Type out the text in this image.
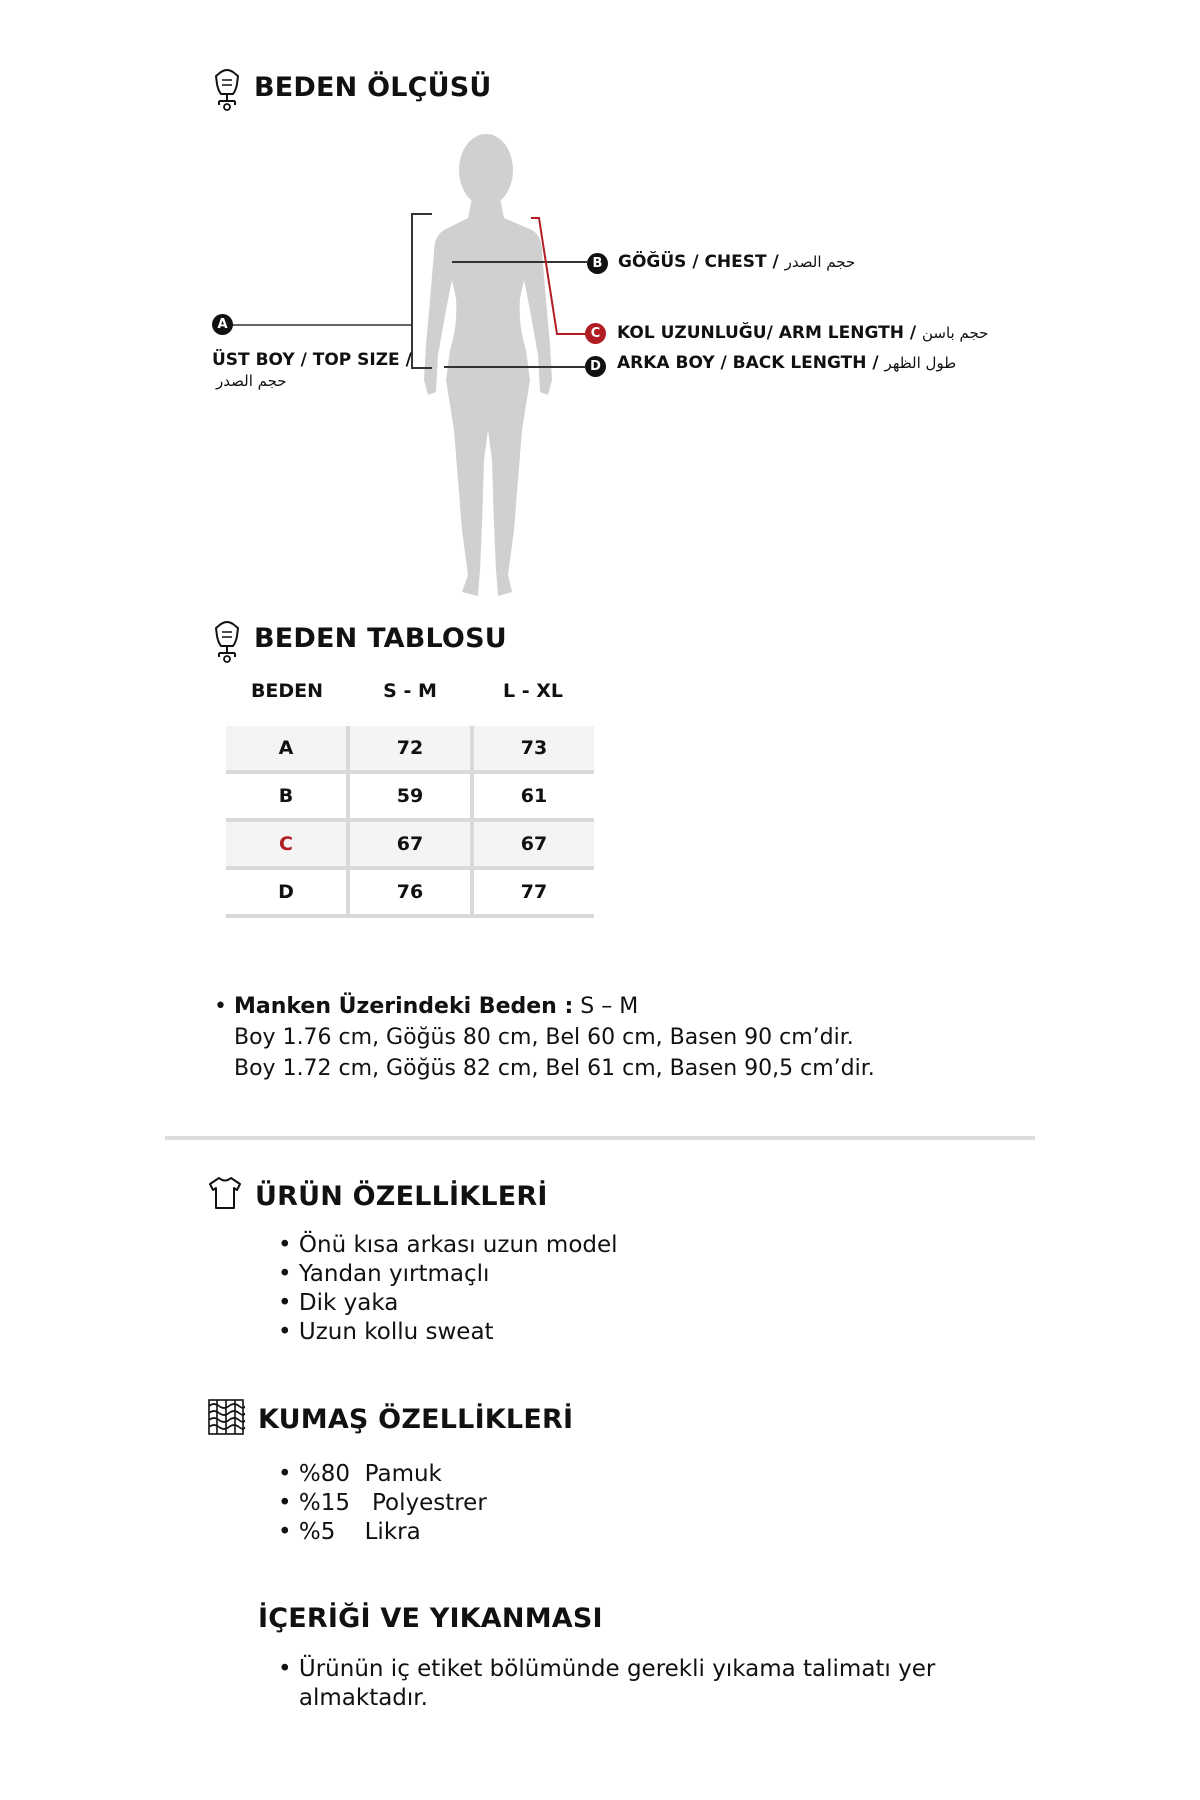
BEDEN ÖLÇÜSÜ
A
ÜST BOY / TOP SIZE /
حجم الصدر
B GÖĞÜS / CHEST / حجم الصدر
C KOL UZUNLUĞU/ ARM LENGTH / حجم باسن
D ARKA BOY / BACK LENGTH / طول الظهر
BEDEN TABLOSU
BEDEN	S - M	L - XL

A	72	73
B	59	61
C	67	67
D	76	77
• Manken Üzerindeki Beden : S – M
Boy 1.76 cm, Göğüs 80 cm, Bel 60 cm, Basen 90 cm’dir.
Boy 1.72 cm, Göğüs 82 cm, Bel 61 cm, Basen 90,5 cm’dir.
ÜRÜN ÖZELLİKLERİ
• Önü kısa arkası uzun model
• Yandan yırtmaçlı
• Dik yaka
• Uzun kollu sweat
KUMAŞ ÖZELLİKLERİ
• %80  Pamuk
• %15   Polyestrer
• %5    Likra
İÇERİĞİ VE YIKANMASI
• Ürünün iç etiket bölümünde gerekli yıkama talimatı yer almaktadır.
